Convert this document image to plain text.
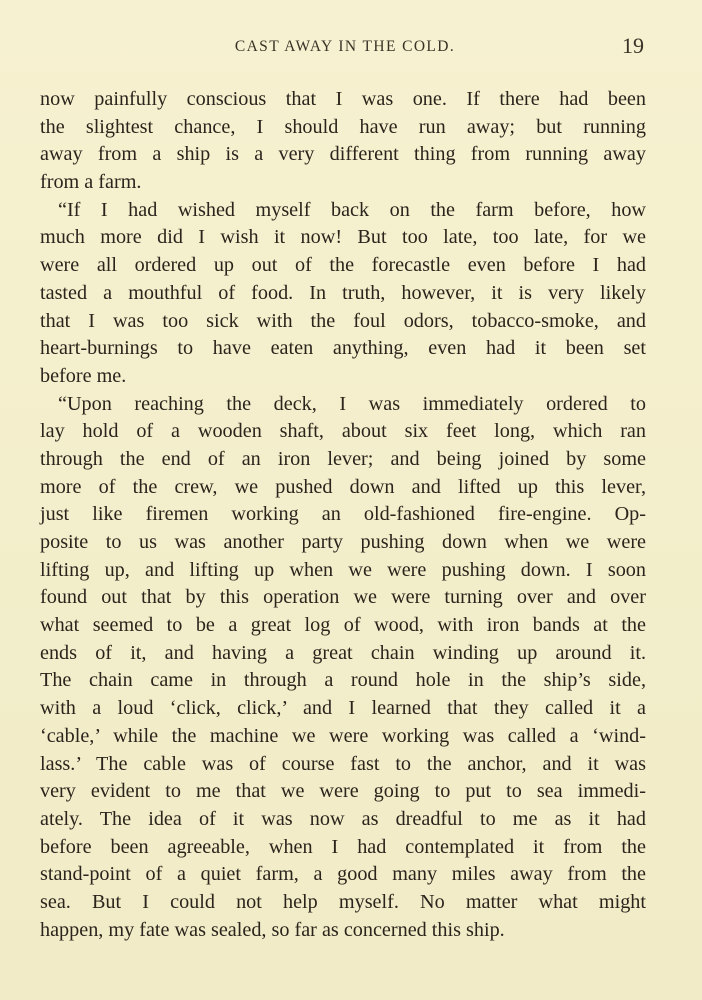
CAST AWAY IN THE COLD.	19
now painfully conscious that I was one. If there had been
the slightest chance, I should have run away; but running
away from a ship is a very different thing from running away
from a farm.
“If I had wished myself back on the farm before, how
much more did I wish it now! But too late, too late, for we
were all ordered up out of the forecastle even before I had
tasted a mouthful of food. In truth, however, it is very likely
that I was too sick with the foul odors, tobacco-smoke, and
heart-burnings to have eaten anything, even had it been set
before me.
“Upon reaching the deck, I was immediately ordered to
lay hold of a wooden shaft, about six feet long, which ran
through the end of an iron lever; and being joined by some
more of the crew, we pushed down and lifted up this lever,
just like firemen working an old-fashioned fire-engine. Op-
posite to us was another party pushing down when we were
lifting up, and lifting up when we were pushing down. I soon
found out that by this operation we were turning over and over
what seemed to be a great log of wood, with iron bands at the
ends of it, and having a great chain winding up around it.
The chain came in through a round hole in the ship’s side,
with a loud ‘click, click,’ and I learned that they called it a
‘cable,’ while the machine we were working was called a ‘wind-
lass.’ The cable was of course fast to the anchor, and it was
very evident to me that we were going to put to sea immedi-
ately. The idea of it was now as dreadful to me as it had
before been agreeable, when I had contemplated it from the
stand-point of a quiet farm, a good many miles away from the
sea. But I could not help myself. No matter what might
happen, my fate was sealed, so far as concerned this ship.
